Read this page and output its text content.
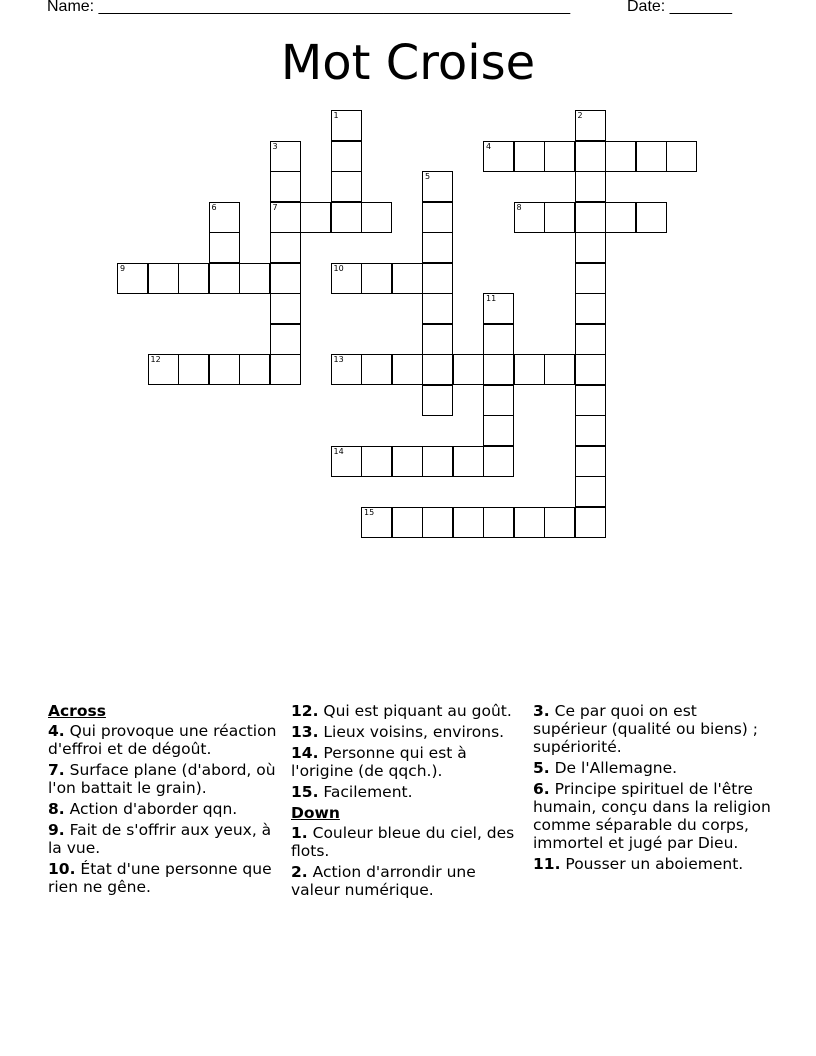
Name: _____________________________________________________	Date: _______
Mot Croise
1	2
3
7
4
5
6	8
9	10
11
12	13
14
15
Across
4. Qui provoque une réaction d'effroi et de dégoût.
7. Surface plane (d'abord, où l'on battait le grain).
8. Action d'aborder qqn.
9. Fait de s'offrir aux yeux, à la vue.
10. État d'une personne que rien ne gêne.
12. Qui est piquant au goût.
13. Lieux voisins, environs.
14. Personne qui est à l'origine (de qqch.).
15. Facilement.
Down
1. Couleur bleue du ciel, des flots.
2. Action d'arrondir une valeur numérique.
3. Ce par quoi on est supérieur (qualité ou biens) ; supériorité.
5. De l'Allemagne.
6. Principe spirituel de l'être humain, conçu dans la religion comme séparable du corps, immortel et jugé par Dieu.
11. Pousser un aboiement.
